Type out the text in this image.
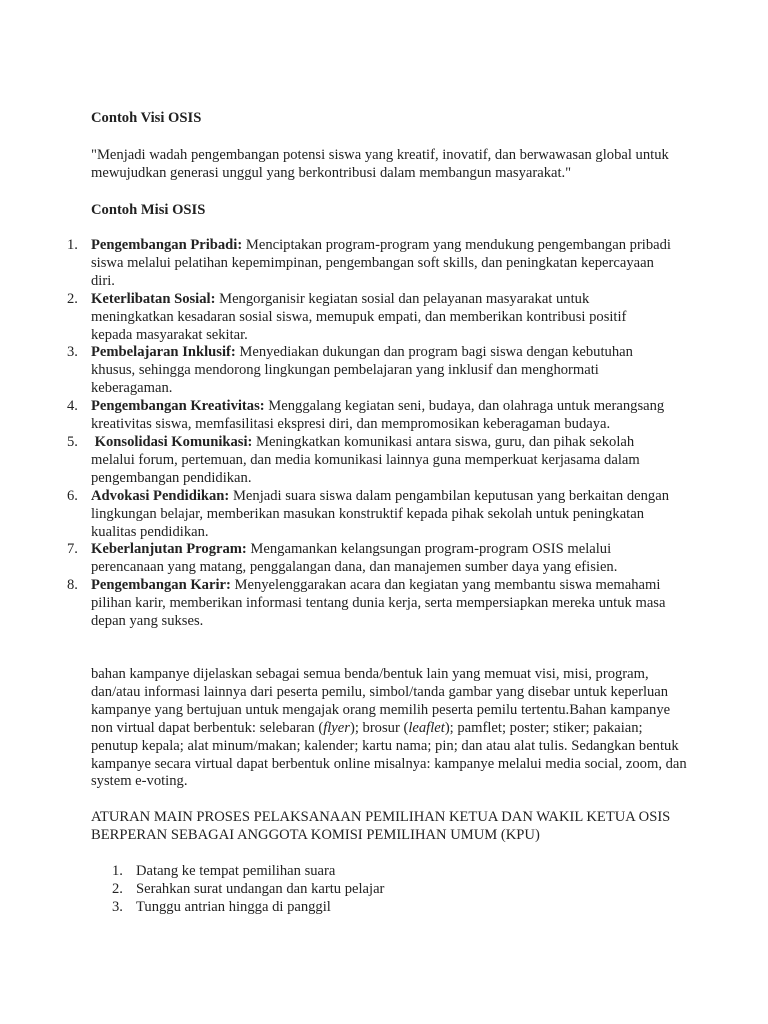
Contoh Visi OSIS

"Menjadi wadah pengembangan potensi siswa yang kreatif, inovatif, dan berwawasan global untuk mewujudkan generasi unggul yang berkontribusi dalam membangun masyarakat."

Contoh Misi OSIS

1. Pengembangan Pribadi: Menciptakan program-program yang mendukung pengembangan pribadi siswa melalui pelatihan kepemimpinan, pengembangan soft skills, dan peningkatan kepercayaan diri.
2. Keterlibatan Sosial: Mengorganisir kegiatan sosial dan pelayanan masyarakat untuk meningkatkan kesadaran sosial siswa, memupuk empati, dan memberikan kontribusi positif kepada masyarakat sekitar.
3. Pembelajaran Inklusif: Menyediakan dukungan dan program bagi siswa dengan kebutuhan khusus, sehingga mendorong lingkungan pembelajaran yang inklusif dan menghormati keberagaman.
4. Pengembangan Kreativitas: Menggalang kegiatan seni, budaya, dan olahraga untuk merangsang kreativitas siswa, memfasilitasi ekspresi diri, dan mempromosikan keberagaman budaya.
5. Konsolidasi Komunikasi: Meningkatkan komunikasi antara siswa, guru, dan pihak sekolah melalui forum, pertemuan, dan media komunikasi lainnya guna memperkuat kerjasama dalam pengembangan pendidikan.
6. Advokasi Pendidikan: Menjadi suara siswa dalam pengambilan keputusan yang berkaitan dengan lingkungan belajar, memberikan masukan konstruktif kepada pihak sekolah untuk peningkatan kualitas pendidikan.
7. Keberlanjutan Program: Mengamankan kelangsungan program-program OSIS melalui perencanaan yang matang, penggalangan dana, dan manajemen sumber daya yang efisien.
8. Pengembangan Karir: Menyelenggarakan acara dan kegiatan yang membantu siswa memahami pilihan karir, memberikan informasi tentang dunia kerja, serta mempersiapkan mereka untuk masa depan yang sukses.

bahan kampanye dijelaskan sebagai semua benda/bentuk lain yang memuat visi, misi, program, dan/atau informasi lainnya dari peserta pemilu, simbol/tanda gambar yang disebar untuk keperluan kampanye yang bertujuan untuk mengajak orang memilih peserta pemilu tertentu.Bahan kampanye non virtual dapat berbentuk: selebaran (flyer); brosur (leaflet); pamflet; poster; stiker; pakaian; penutup kepala; alat minum/makan; kalender; kartu nama; pin; dan atau alat tulis. Sedangkan bentuk kampanye secara virtual dapat berbentuk online misalnya: kampanye melalui media social, zoom, dan system e-voting.

ATURAN MAIN PROSES PELAKSANAAN PEMILIHAN KETUA DAN WAKIL KETUA OSIS BERPERAN SEBAGAI ANGGOTA KOMISI PEMILIHAN UMUM (KPU)

1. Datang ke tempat pemilihan suara
2. Serahkan surat undangan dan kartu pelajar
3. Tunggu antrian hingga di panggil
